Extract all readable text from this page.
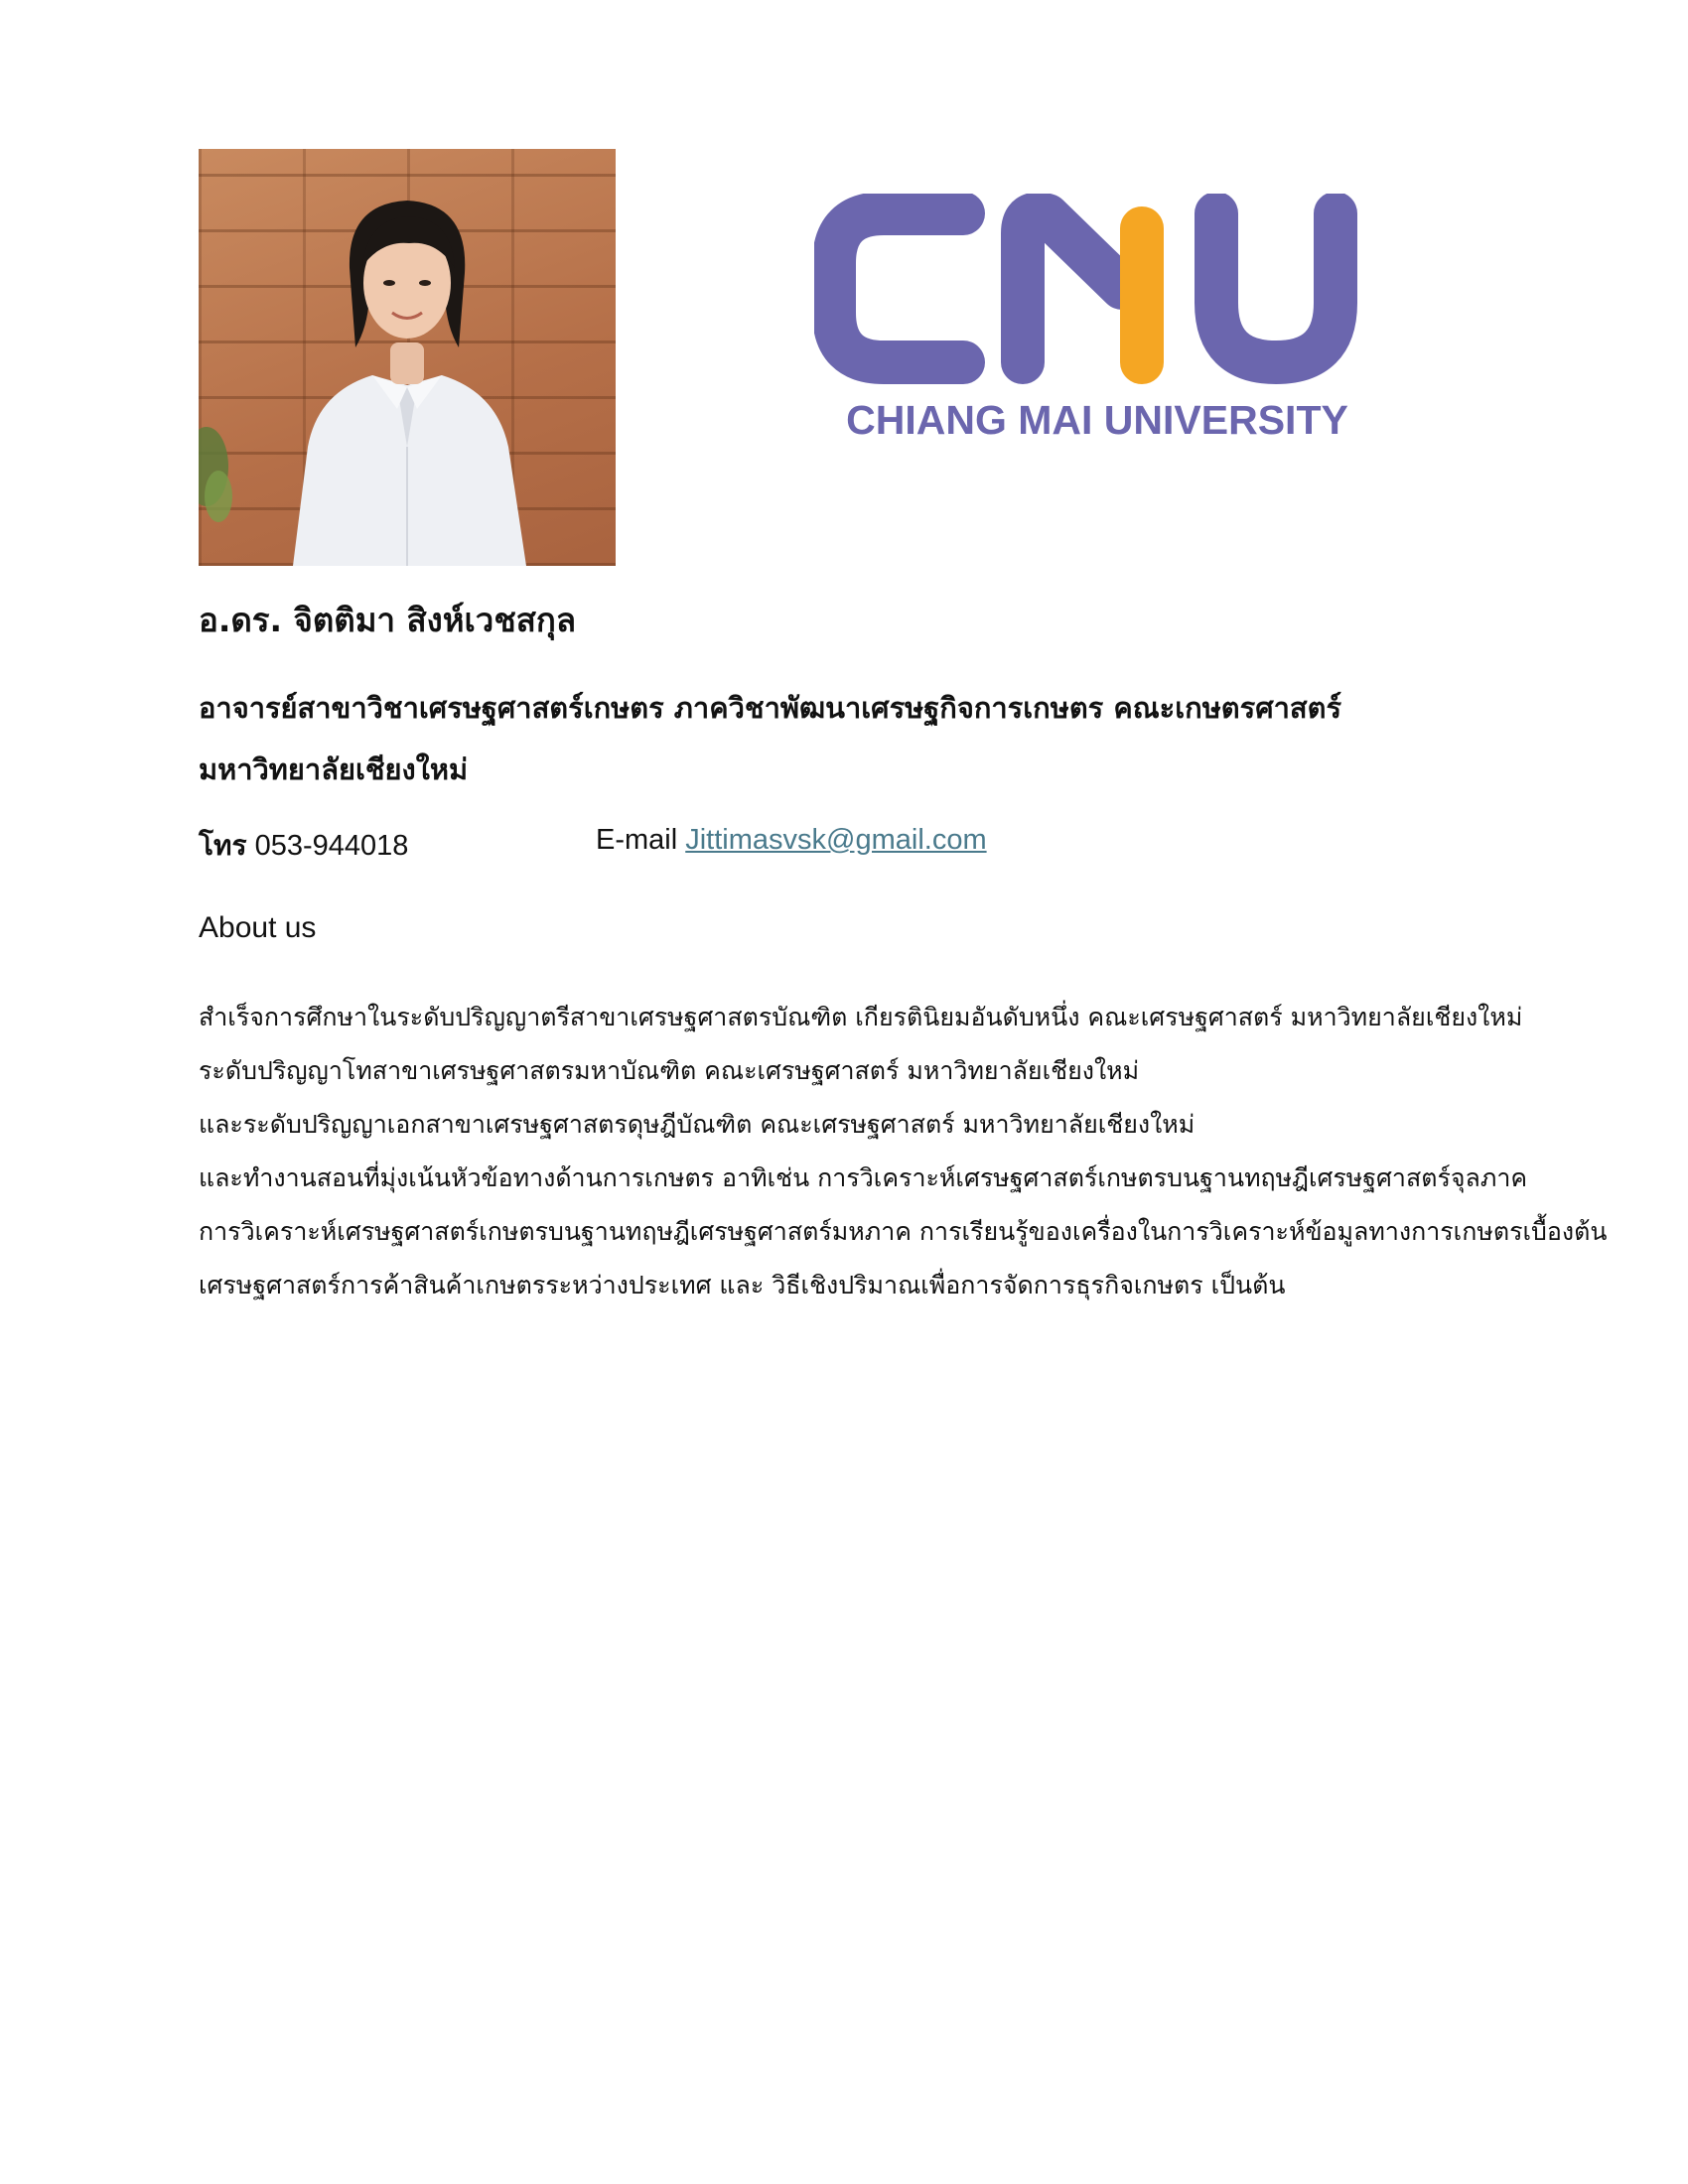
CHIANG MAI UNIVERSITY
อ.ดร. จิตติมา สิงห์เวชสกุล
อาจารย์สาขาวิชาเศรษฐศาสตร์เกษตร ภาควิชาพัฒนาเศรษฐกิจการเกษตร คณะเกษตรศาสตร์
มหาวิทยาลัยเชียงใหม่
โทร 053-944018	E-mail Jittimasvsk@gmail.com
About us
สำเร็จการศึกษาในระดับปริญญาตรีสาขาเศรษฐศาสตรบัณฑิต เกียรตินิยมอันดับหนึ่ง คณะเศรษฐศาสตร์ มหาวิทยาลัยเชียงใหม่
ระดับปริญญาโทสาขาเศรษฐศาสตรมหาบัณฑิต คณะเศรษฐศาสตร์ มหาวิทยาลัยเชียงใหม่
และระดับปริญญาเอกสาขาเศรษฐศาสตรดุษฎีบัณฑิต คณะเศรษฐศาสตร์ มหาวิทยาลัยเชียงใหม่
และทำงานสอนที่มุ่งเน้นหัวข้อทางด้านการเกษตร อาทิเช่น การวิเคราะห์เศรษฐศาสตร์เกษตรบนฐานทฤษฎีเศรษฐศาสตร์จุลภาค
การวิเคราะห์เศรษฐศาสตร์เกษตรบนฐานทฤษฎีเศรษฐศาสตร์มหภาค การเรียนรู้ของเครื่องในการวิเคราะห์ข้อมูลทางการเกษตรเบื้องต้น
เศรษฐศาสตร์การค้าสินค้าเกษตรระหว่างประเทศ และ วิธีเชิงปริมาณเพื่อการจัดการธุรกิจเกษตร เป็นต้น
